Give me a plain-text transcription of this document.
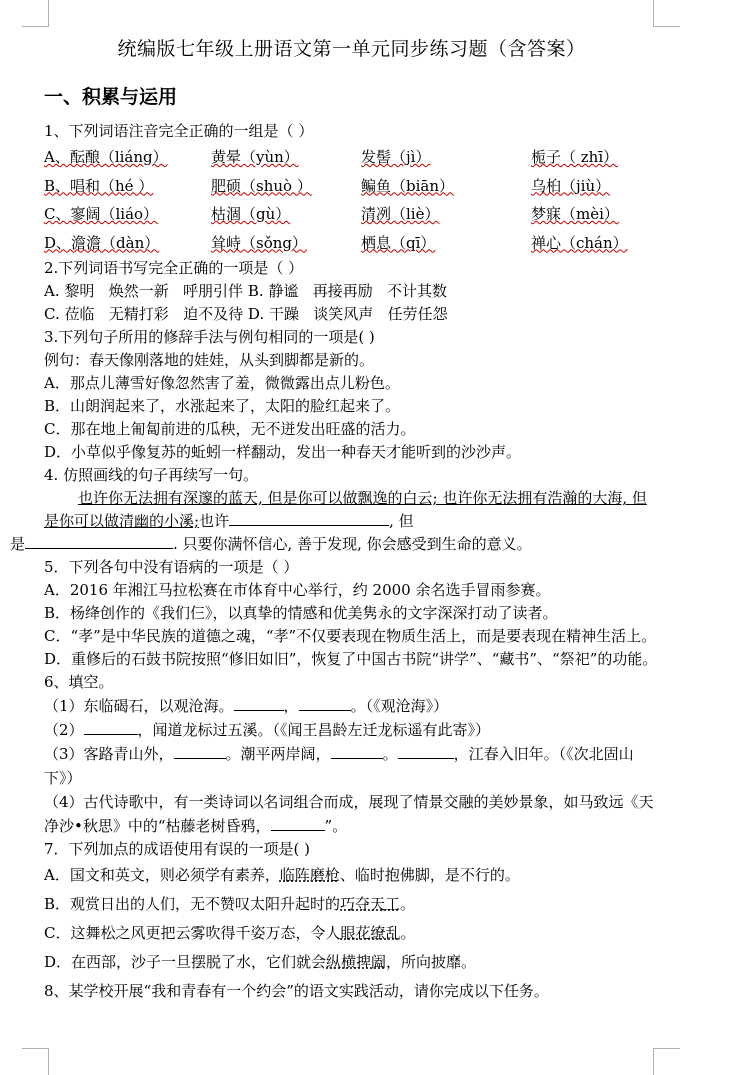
统编版七年级上册语文第一单元同步练习题（含答案）
一、积累与运用
1、下列词语注音完全正确的一组是（ ）
A、酝酿（liáng）	黄晕（yùn）	发髻（jì）	栀子（ zhī）
B、唱和（hé ）	肥硕（shuò ）	鳊鱼（biān）	乌桕（jiù）
C、寥阔（liáo）	枯涸（gù）	清冽（liè）	梦寐（mèi）
D、澹澹（dàn）	耸峙（sǒng）	栖息（qī）	禅心（chán）
2.下列词语书写完全正确的一项是（ ）
A. 黎明 焕然一新 呼朋引伴 B. 静谧 再接再励 不计其数
C. 莅临 无精打彩 迫不及待 D. 干躁 谈笑风声 任劳任怨
3.下列句子所用的修辞手法与例句相同的一项是( )
例句：春天像刚落地的娃娃，从头到脚都是新的。
A．那点儿薄雪好像忽然害了羞，微微露出点儿粉色。
B．山朗润起来了，水涨起来了，太阳的脸红起来了。
C．那在地上匍匐前进的瓜秧，无不迸发出旺盛的活力。
D．小草似乎像复苏的蚯蚓一样翻动，发出一种春天才能听到的沙沙声。
4. 仿照画线的句子再续写一句。
也许你无法拥有深邃的蓝天, 但是你可以做飘逸的白云; 也许你无法拥有浩瀚的大海, 但是你可以做清幽的小溪;也许	, 但
是	. 只要你满怀信心, 善于发现, 你会感受到生命的意义。
5．下列各句中没有语病的一项是（ ）
A．2016 年湘江马拉松赛在市体育中心举行，约 2000 余名选手冒雨参赛。
B．杨绛创作的《我们仨》，以真挚的情感和优美隽永的文字深深打动了读者。
C．“孝”是中华民族的道德之魂，“孝”不仅要表现在物质生活上，而是要表现在精神生活上。
D．重修后的石鼓书院按照“修旧如旧”，恢复了中国古书院“讲学”、“藏书”、“祭祀”的功能。
6、填空。
（1）东临碣石，以观沧海。	，	。（《观沧海》）
（2）	，闻道龙标过五溪。（《闻王昌龄左迁龙标遥有此寄》）
（3）客路青山外，	。潮平两岸阔，	。	，江春入旧年。（《次北固山下》）
（4）古代诗歌中，有一类诗词以名词组合而成，展现了情景交融的美妙景象，如马致远《天净沙•秋思》中的“枯藤老树昏鸦，	”。
7．下列加点的成语使用有误的一项是( )
A．国文和英文，则必须学有素养，临阵磨枪、临时抱佛脚，是不行的。
B．观赏日出的人们，无不赞叹太阳升起时的巧夺天工。
C．这舞松之风更把云雾吹得千姿万态，令人眼花缭乱。
D．在西部，沙子一旦摆脱了水，它们就会纵横捭阖，所向披靡。
8、某学校开展“我和青春有一个约会”的语文实践活动，请你完成以下任务。
